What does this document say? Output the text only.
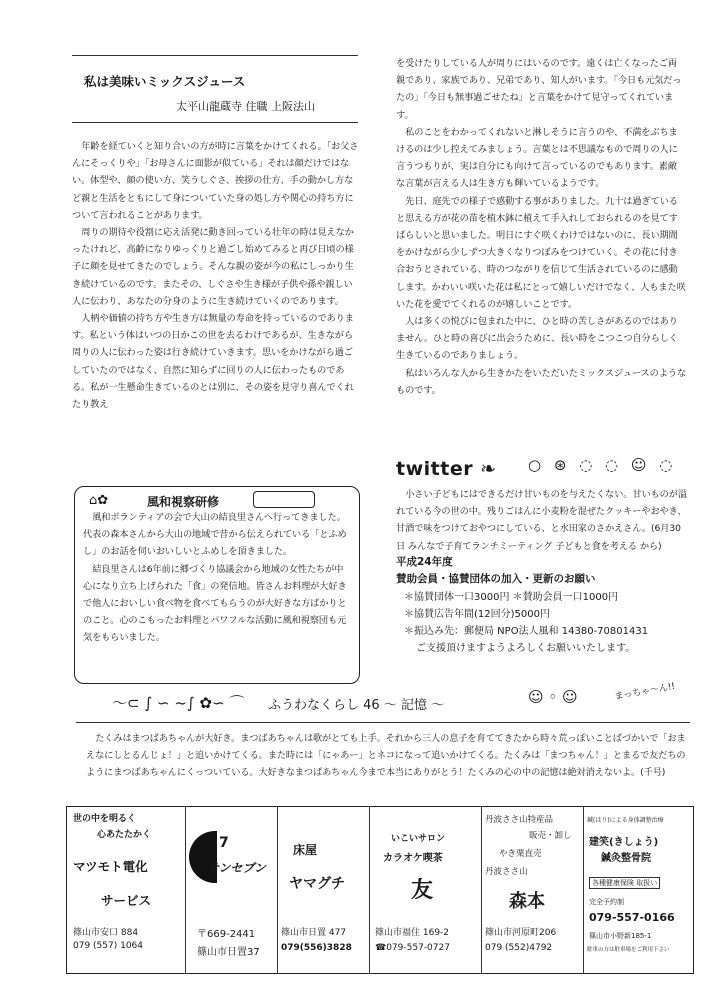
私は美味いミックスジュース
太平山龍蔵寺 住職 上阪法山

年齢を経ていくと知り合いの方が時に言葉をかけてくれる。「お父さんにそっくりや」「お母さんに面影が似ている」それは顔だけではない。体型や、顔の使い方、笑うしぐさ、挨拶の仕方、手の動かし方など親と生活をともにして身についていた身の処し方や関心の持ち方について言われることがあります。

周りの期待や役割に応え活発に動き回っている壮年の時は見えなかったけれど、高齢になりゆっくりと過ごし始めてみると再び日頃の様子に顔を見せてきたのでしょう。そんな親の姿が今の私にしっかり生き続けているのです。またその、しぐさや生き様が子供や孫や親しい人に伝わり、あなたの分身のように生き続けていくのであります。

人柄や価値の持ち方や生き方は無量の寿命を持っているのであります。私という体はいつの日かこの世を去るわけであるが、生きながら周りの人に伝わった姿は行き続けていきます。思いをかけながら過ごしていたのではなく、自然に知らずに回りの人に伝わったものである。私が一生懸命生きているのとは別に、その姿を見守り喜んでくれたり教え

⌂✿	風和視察研修

風和ボランティアの会で大山の結良里さんへ行ってきました。代表の森本さんから大山の地域で昔から伝えられている「とふめし」のお話を伺いおいしいとふめしを頂きました。

結良里さんは6年前に郷づくり協議会から地域の女性たちが中心になり立ち上げられた「食」の発信地。皆さんお料理が大好きで他人においしい食べ物を食べてもらうのが大好きな方ばかりとのこと。心のこもったお料理とパワフルな活動に風和視察団も元気をもらいました。

を受けたりしている人が周りにはいるのです。遠くは亡くなったご両親であり、家族であり、兄弟であり、知人がいます。「今日も元気だったの」「今日も無事過ごせたね」と言葉をかけて見守ってくれています。

私のことをわかってくれないと淋しそうに言うのや、不満をぶちまけるのは少し控えてみましょう。言葉とは不思議なもので周りの人に言うつもりが、実は自分にも向けて言っているのでもあります。素敵な言葉が言える人は生き方も輝いているようです。

先日、庭先での様子で感動する事がありました。九十は過ぎていると思える方が花の苗を植木鉢に植えて手入れしておられるのを見てすばらしいと思いました。明日にすぐ咲くわけではないのに、長い期間をかけながら少しずつ大きくなりつぼみをつけていく。その花に付き合おうとされている、時のつながりを信じて生活されているのに感動します。かわいい咲いた花は私にとって嬉しいだけでなく、人もまた咲いた花を愛でてくれるのが嬉しいことです。

人は多くの悦びに包まれた中に、ひと時の苦しさがあるのではありません。ひと時の喜びに出会うために、長い時をこつこつ自分らしく生きているのでありましょう。

私はいろんな人から生きかたをいただいたミックスジュースのようなものです。

twitter ❧ ○ ⊛ ◌ ◌ ☺ ◌
小さい子どもにはできるだけ甘いものを与えたくない。甘いものが溢れている今の世の中。残りごはんに小麦粉を混ぜたクッキーやおやき、甘酒で味をつけておやつにしている、と水田家のさかえさん。(6月30日 みんなで子育てランチミーティング 子どもと食を考える から)
平成24年度
賛助会員・協賛団体の加入・更新のお願い
＊協賛団体一口3000円 ＊賛助会員一口1000円
＊協賛広告年間(12回分)5000円
＊振込み先：郵便局 NPO法人風和 14380-70801431
ご支援頂けますようよろしくお願いいたします。
〜⊂ ∫ ∽ ~∫ ✿∽ ⌒ ふうわなくらし 46 〜 記憶 〜	☺ ◦ ☺	まっちゃ〜ん!!
たくみはまつばあちゃんが大好き。まつばあちゃんは歌がとても上手。それから三人の息子を育ててきたから時々荒っぽいことばづかいで「おまえなにしとるんじょ！」と追いかけてくる。また時には「にゃあー」とネコになって追いかけてくる。たくみは「まつちゃん！」とまるで友だちのようにまつばあちゃんにくっついている。大好きなまつばあちゃん今まで本当にありがとう！たくみの心の中の記憶は絶対消えないよ。(千号)
世の中を明るく
心あたたかく
マツモト電化
サービス
篠山市安口 884
079 (557) 1064
7
サンセブン
〒669-2441
篠山市日置37
床屋
ヤマグチ
篠山市日置 477
079(556)3828
いこいサロン
カラオケ喫茶
友
篠山市福住 169-2
☎079-557-0727
丹波ささ山特産品
販売・卸し
やき栗直売
丹波ささ山
森本
篠山市河原町206
079 (552)4792
鍼(はり)による身体調整治療
建笑(きしょう)
鍼灸整骨院
各種健康保険 取扱い
完全予約制
079-557-0166
篠山市小野新185-1
駐車の方は駐車場をご利用下さい
